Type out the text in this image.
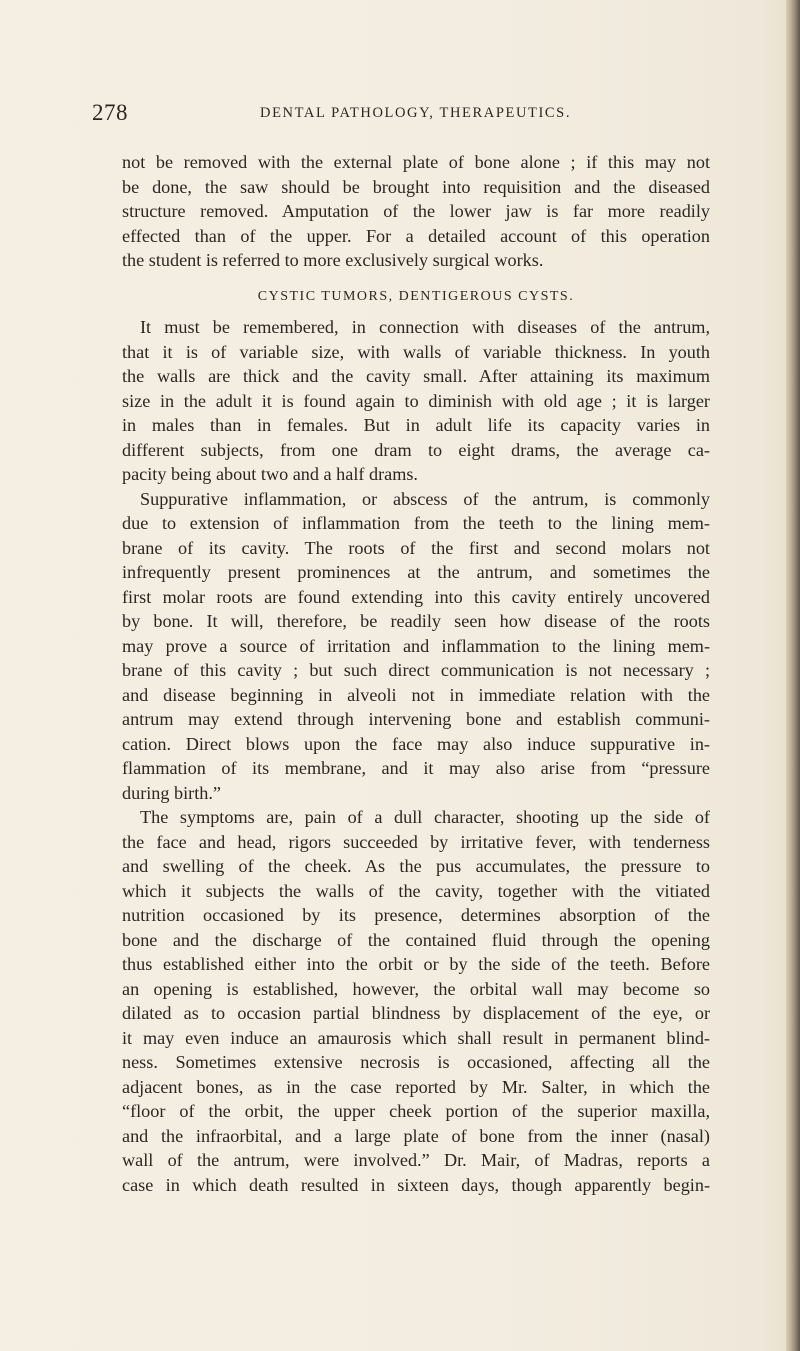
278	DENTAL PATHOLOGY, THERAPEUTICS.
not be removed with the external plate of bone alone ; if this may not
be done, the saw should be brought into requisition and the diseased
structure removed. Amputation of the lower jaw is far more readily
effected than of the upper. For a detailed account of this operation
the student is referred to more exclusively surgical works.
CYSTIC TUMORS, DENTIGEROUS CYSTS.
It must be remembered, in connection with diseases of the antrum,
that it is of variable size, with walls of variable thickness. In youth
the walls are thick and the cavity small. After attaining its maximum
size in the adult it is found again to diminish with old age ; it is larger
in males than in females. But in adult life its capacity varies in
different subjects, from one dram to eight drams, the average ca-
pacity being about two and a half drams.
Suppurative inflammation, or abscess of the antrum, is commonly
due to extension of inflammation from the teeth to the lining mem-
brane of its cavity. The roots of the first and second molars not
infrequently present prominences at the antrum, and sometimes the
first molar roots are found extending into this cavity entirely uncovered
by bone. It will, therefore, be readily seen how disease of the roots
may prove a source of irritation and inflammation to the lining mem-
brane of this cavity ; but such direct communication is not necessary ;
and disease beginning in alveoli not in immediate relation with the
antrum may extend through intervening bone and establish communi-
cation. Direct blows upon the face may also induce suppurative in-
flammation of its membrane, and it may also arise from “pressure
during birth.”
The symptoms are, pain of a dull character, shooting up the side of
the face and head, rigors succeeded by irritative fever, with tenderness
and swelling of the cheek. As the pus accumulates, the pressure to
which it subjects the walls of the cavity, together with the vitiated
nutrition occasioned by its presence, determines absorption of the
bone and the discharge of the contained fluid through the opening
thus established either into the orbit or by the side of the teeth. Before
an opening is established, however, the orbital wall may become so
dilated as to occasion partial blindness by displacement of the eye, or
it may even induce an amaurosis which shall result in permanent blind-
ness. Sometimes extensive necrosis is occasioned, affecting all the
adjacent bones, as in the case reported by Mr. Salter, in which the
“floor of the orbit, the upper cheek portion of the superior maxilla,
and the infraorbital, and a large plate of bone from the inner (nasal)
wall of the antrum, were involved.” Dr. Mair, of Madras, reports a
case in which death resulted in sixteen days, though apparently begin-
